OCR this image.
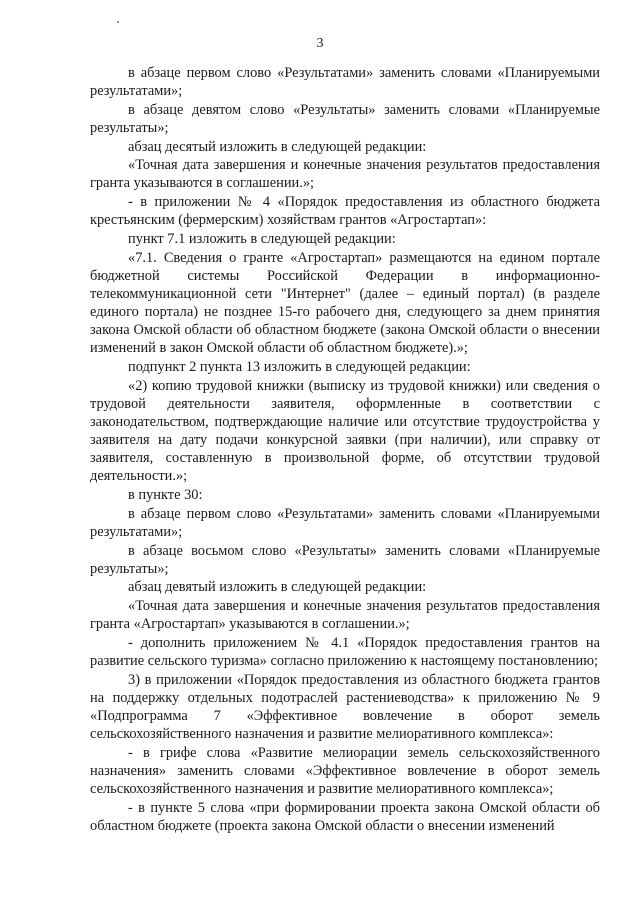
3

в абзаце первом слово «Результатами» заменить словами «Планируемыми результатами»;

в абзаце девятом слово «Результаты» заменить словами «Планируемые результаты»;

абзац десятый изложить в следующей редакции:

«Точная дата завершения и конечные значения результатов предоставления гранта указываются в соглашении.»;

- в приложении № 4 «Порядок предоставления из областного бюджета крестьянским (фермерским) хозяйствам грантов «Агростартап»:

пункт 7.1 изложить в следующей редакции:

«7.1. Сведения о гранте «Агростартап» размещаются на едином портале бюджетной системы Российской Федерации в информационно-телекоммуникационной сети "Интернет" (далее – единый портал) (в разделе единого портала) не позднее 15-го рабочего дня, следующего за днем принятия закона Омской области об областном бюджете (закона Омской области о внесении изменений в закон Омской области об областном бюджете).»;

подпункт 2 пункта 13 изложить в следующей редакции:

«2) копию трудовой книжки (выписку из трудовой книжки) или сведения о трудовой деятельности заявителя, оформленные в соответствии с законодательством, подтверждающие наличие или отсутствие трудоустройства у заявителя на дату подачи конкурсной заявки (при наличии), или справку от заявителя, составленную в произвольной форме, об отсутствии трудовой деятельности.»;

в пункте 30:

в абзаце первом слово «Результатами» заменить словами «Планируемыми результатами»;

в абзаце восьмом слово «Результаты» заменить словами «Планируемые результаты»;

абзац девятый изложить в следующей редакции:

«Точная дата завершения и конечные значения результатов предоставления гранта «Агростартап» указываются в соглашении.»;

- дополнить приложением № 4.1 «Порядок предоставления грантов на развитие сельского туризма» согласно приложению к настоящему постановлению;

3) в приложении «Порядок предоставления из областного бюджета грантов на поддержку отдельных подотраслей растениеводства» к приложению № 9 «Подпрограмма 7 «Эффективное вовлечение в оборот земель сельскохозяйственного назначения и развитие мелиоративного комплекса»:

- в грифе слова «Развитие мелиорации земель сельскохозяйственного назначения» заменить словами «Эффективное вовлечение в оборот земель сельскохозяйственного назначения и развитие мелиоративного комплекса»;

- в пункте 5 слова «при формировании проекта закона Омской области об областном бюджете (проекта закона Омской области о внесении изменений
